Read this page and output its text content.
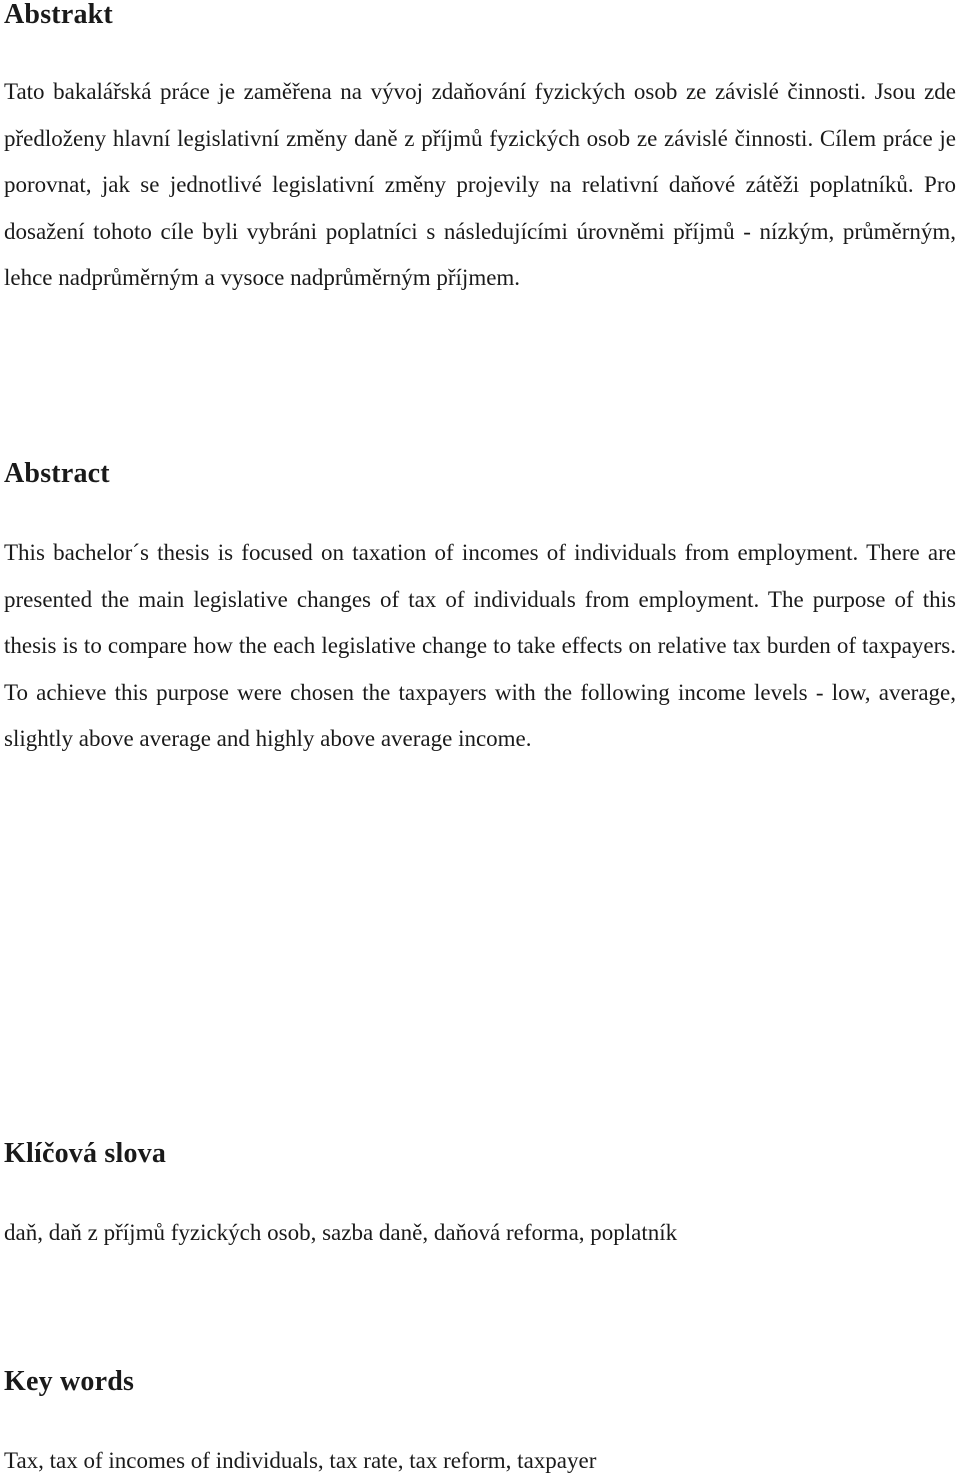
Abstrakt

Tato bakalářská práce je zaměřena na vývoj zdaňování fyzických osob ze závislé činnosti. Jsou zde předloženy hlavní legislativní změny daně z příjmů fyzických osob ze závislé činnosti. Cílem práce je porovnat, jak se jednotlivé legislativní změny projevily na relativní daňové zátěži poplatníků. Pro dosažení tohoto cíle byli vybráni poplatníci s následujícími úrovněmi příjmů - nízkým, průměrným, lehce nadprůměrným a vysoce nadprůměrným příjmem.

Abstract

This bachelor´s thesis is focused on taxation of incomes of individuals from employment. There are presented the main legislative changes of tax of individuals from employment. The purpose of this thesis is to compare how the each legislative change to take effects on relative tax burden of taxpayers. To achieve this purpose were chosen the taxpayers with the following income levels - low, average, slightly above average and highly above average income.

Klíčová slova

daň, daň z příjmů fyzických osob, sazba daně, daňová reforma, poplatník

Key words

Tax, tax of incomes of individuals, tax rate, tax reform, taxpayer
